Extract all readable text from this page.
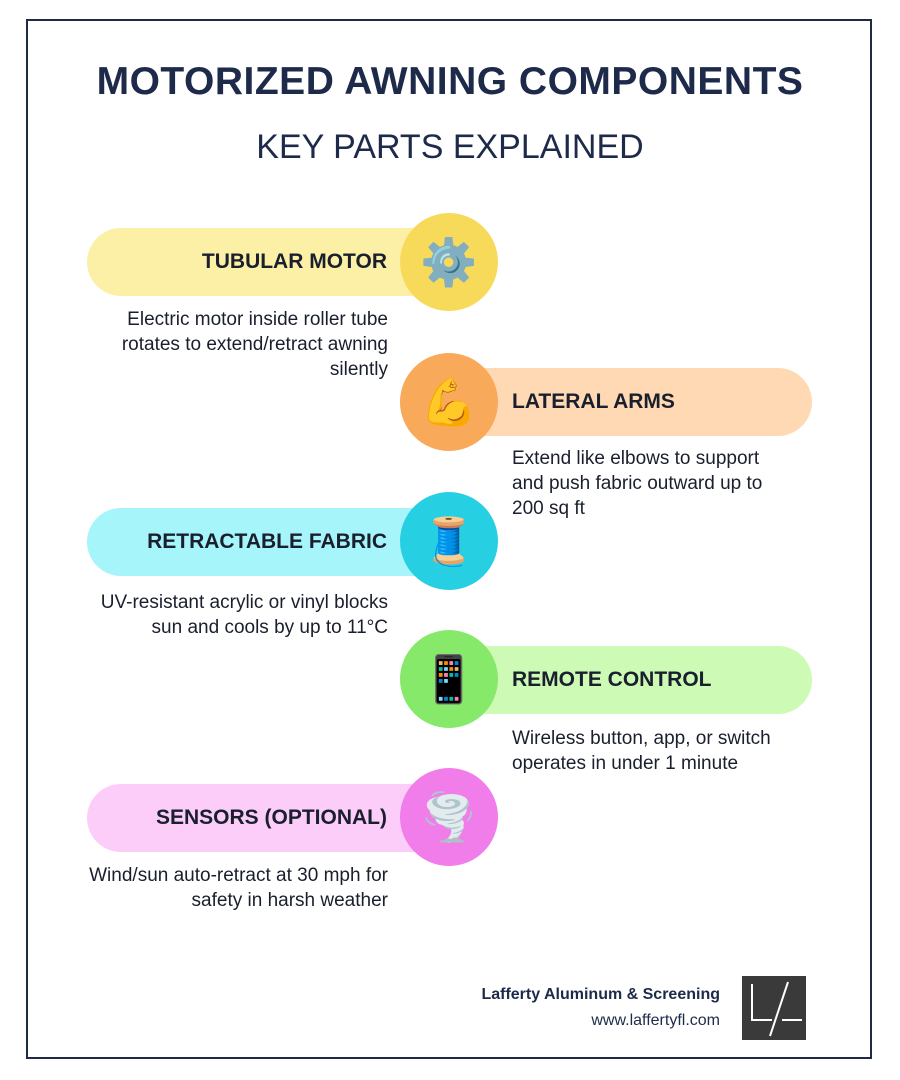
MOTORIZED AWNING COMPONENTS
KEY PARTS EXPLAINED
TUBULAR MOTOR ⚙️
Electric motor inside roller tube rotates to extend/retract awning silently
LATERAL ARMS
💪
Extend like elbows to support and push fabric outward up to 200 sq ft
RETRACTABLE FABRIC 🧵
UV-resistant acrylic or vinyl blocks sun and cools by up to 11°C
REMOTE CONTROL
📱
Wireless button, app, or switch operates in under 1 minute
SENSORS (OPTIONAL) 🌪️
Wind/sun auto-retract at 30 mph for safety in harsh weather
Lafferty Aluminum & Screening
www.laffertyfl.com
